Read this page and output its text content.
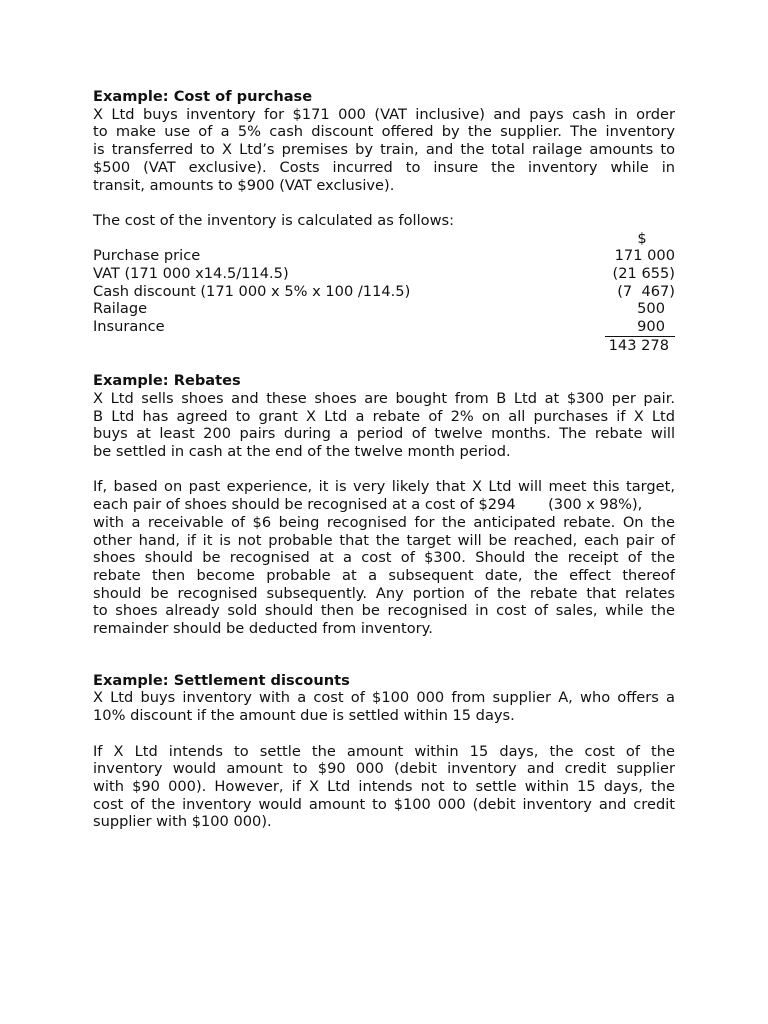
Example: Cost of purchase
X Ltd buys inventory for $171 000 (VAT inclusive) and pays cash in order
to make use of a 5% cash discount offered by the supplier. The inventory
is transferred to X Ltd’s premises by train, and the total railage amounts to
$500 (VAT exclusive). Costs incurred to insure the inventory while in
transit, amounts to $900 (VAT exclusive).

The cost of the inventory is calculated as follows:

	$
Purchase price	171 000
VAT (171 000 x14.5/114.5)	(21 655)
Cash discount (171 000 x 5% x 100 /114.5)	(7  467)
Railage	500
Insurance	900
	143 278
Example: Rebates
X Ltd sells shoes and these shoes are bought from B Ltd at $300 per pair.
B Ltd has agreed to grant X Ltd a rebate of 2% on all purchases if X Ltd
buys at least 200 pairs during a period of twelve months. The rebate will
be settled in cash at the end of the twelve month period.
If, based on past experience, it is very likely that X Ltd will meet this target,
each pair of shoes should be recognised at a cost of $294       (300 x 98%),
with a receivable of $6 being recognised for the anticipated rebate. On the
other hand, if it is not probable that the target will be reached, each pair of
shoes should be recognised at a cost of $300. Should the receipt of the
rebate then become probable at a subsequent date, the effect thereof
should be recognised subsequently. Any portion of the rebate that relates
to shoes already sold should then be recognised in cost of sales, while the
remainder should be deducted from inventory.
Example: Settlement discounts
X Ltd buys inventory with a cost of $100 000 from supplier A, who offers a
10% discount if the amount due is settled within 15 days.
If X Ltd intends to settle the amount within 15 days, the cost of the
inventory would amount to $90 000 (debit inventory and credit supplier
with $90 000). However, if X Ltd intends not to settle within 15 days, the
cost of the inventory would amount to $100 000 (debit inventory and credit
supplier with $100 000).
